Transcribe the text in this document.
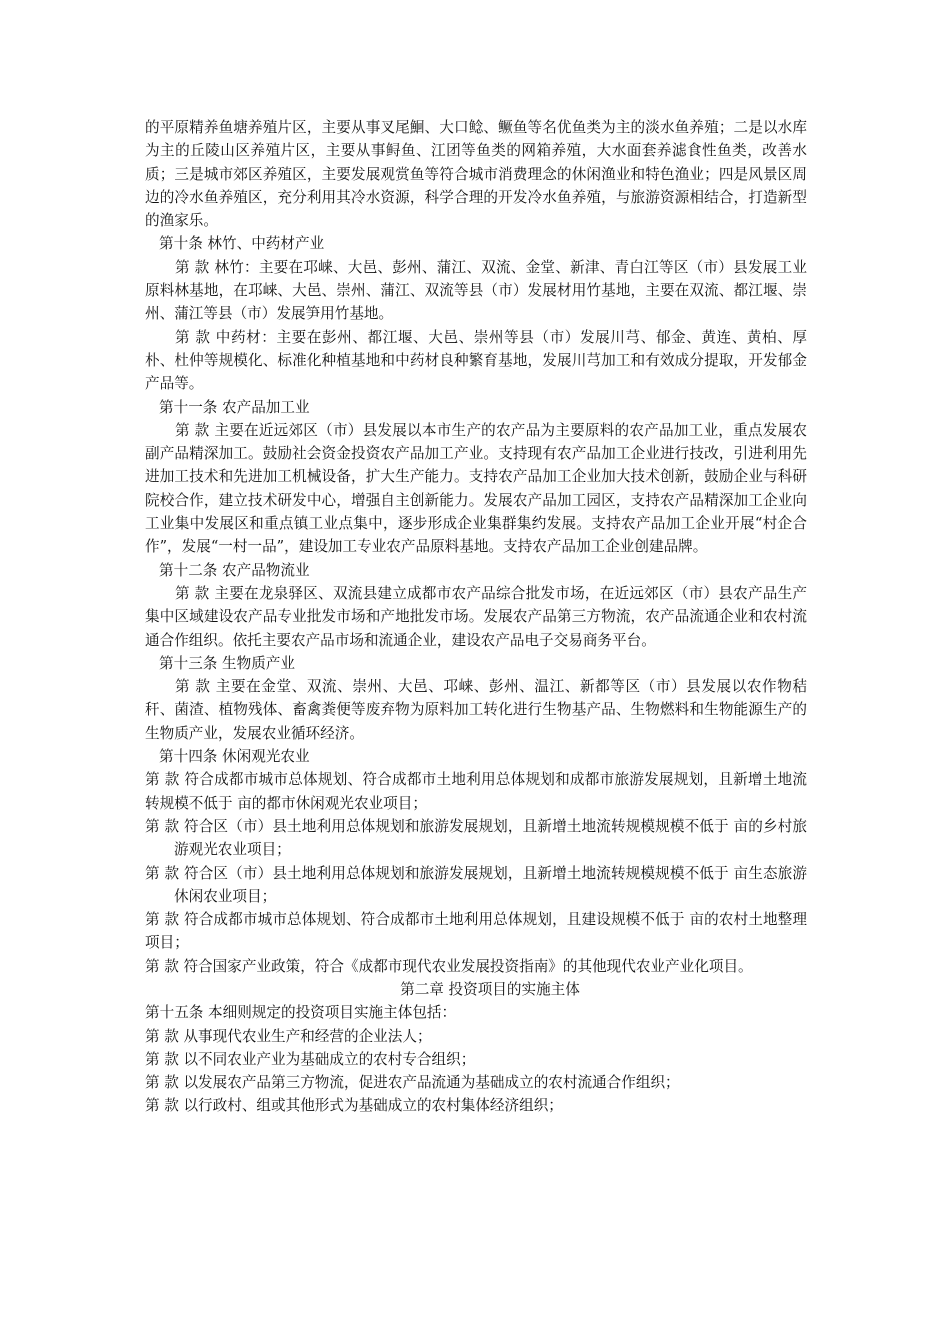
的平原精养鱼塘养殖片区，主要从事叉尾鮰、大口鲶、鳜鱼等名优鱼类为主的淡水鱼养殖；二是以水库为主的丘陵山区养殖片区，主要从事鲟鱼、江团等鱼类的网箱养殖，大水面套养滤食性鱼类，改善水质；三是城市郊区养殖区，主要发展观赏鱼等符合城市消费理念的休闲渔业和特色渔业；四是风景区周边的冷水鱼养殖区，充分利用其冷水资源，科学合理的开发冷水鱼养殖，与旅游资源相结合，打造新型的渔家乐。

第十条 林竹、中药材产业

第 款 林竹：主要在邛崃、大邑、彭州、蒲江、双流、金堂、新津、青白江等区（市）县发展工业原料林基地，在邛崃、大邑、崇州、蒲江、双流等县（市）发展材用竹基地，主要在双流、都江堰、崇州、蒲江等县（市）发展笋用竹基地。

第 款 中药材：主要在彭州、都江堰、大邑、崇州等县（市）发展川芎、郁金、黄连、黄柏、厚朴、杜仲等规模化、标准化种植基地和中药材良种繁育基地，发展川芎加工和有效成分提取，开发郁金产品等。

第十一条 农产品加工业

第 款 主要在近远郊区（市）县发展以本市生产的农产品为主要原料的农产品加工业，重点发展农副产品精深加工。鼓励社会资金投资农产品加工产业。支持现有农产品加工企业进行技改，引进利用先进加工技术和先进加工机械设备，扩大生产能力。支持农产品加工企业加大技术创新，鼓励企业与科研院校合作，建立技术研发中心，增强自主创新能力。发展农产品加工园区，支持农产品精深加工企业向工业集中发展区和重点镇工业点集中，逐步形成企业集群集约发展。支持农产品加工企业开展“村企合作”，发展“一村一品”，建设加工专业农产品原料基地。支持农产品加工企业创建品牌。

第十二条 农产品物流业

第 款 主要在龙泉驿区、双流县建立成都市农产品综合批发市场，在近远郊区（市）县农产品生产集中区域建设农产品专业批发市场和产地批发市场。发展农产品第三方物流，农产品流通企业和农村流通合作组织。依托主要农产品市场和流通企业，建设农产品电子交易商务平台。

第十三条 生物质产业

第 款 主要在金堂、双流、崇州、大邑、邛崃、彭州、温江、新都等区（市）县发展以农作物秸秆、菌渣、植物残体、畜禽粪便等废弃物为原料加工转化进行生物基产品、生物燃料和生物能源生产的生物质产业，发展农业循环经济。

第十四条 休闲观光农业

第 款 符合成都市城市总体规划、符合成都市土地利用总体规划和成都市旅游发展规划，且新增土地流转规模不低于 亩的都市休闲观光农业项目；

第 款 符合区（市）县土地利用总体规划和旅游发展规划，且新增土地流转规模规模不低于 亩的乡村旅游观光农业项目；

第 款 符合区（市）县土地利用总体规划和旅游发展规划，且新增土地流转规模规模不低于 亩生态旅游休闲农业项目；

第 款 符合成都市城市总体规划、符合成都市土地利用总体规划，且建设规模不低于 亩的农村土地整理项目；

第 款 符合国家产业政策，符合《成都市现代农业发展投资指南》的其他现代农业产业化项目。

第二章 投资项目的实施主体

第十五条 本细则规定的投资项目实施主体包括：

第 款 从事现代农业生产和经营的企业法人；

第 款 以不同农业产业为基础成立的农村专合组织；

第 款 以发展农产品第三方物流，促进农产品流通为基础成立的农村流通合作组织；

第 款 以行政村、组或其他形式为基础成立的农村集体经济组织；
